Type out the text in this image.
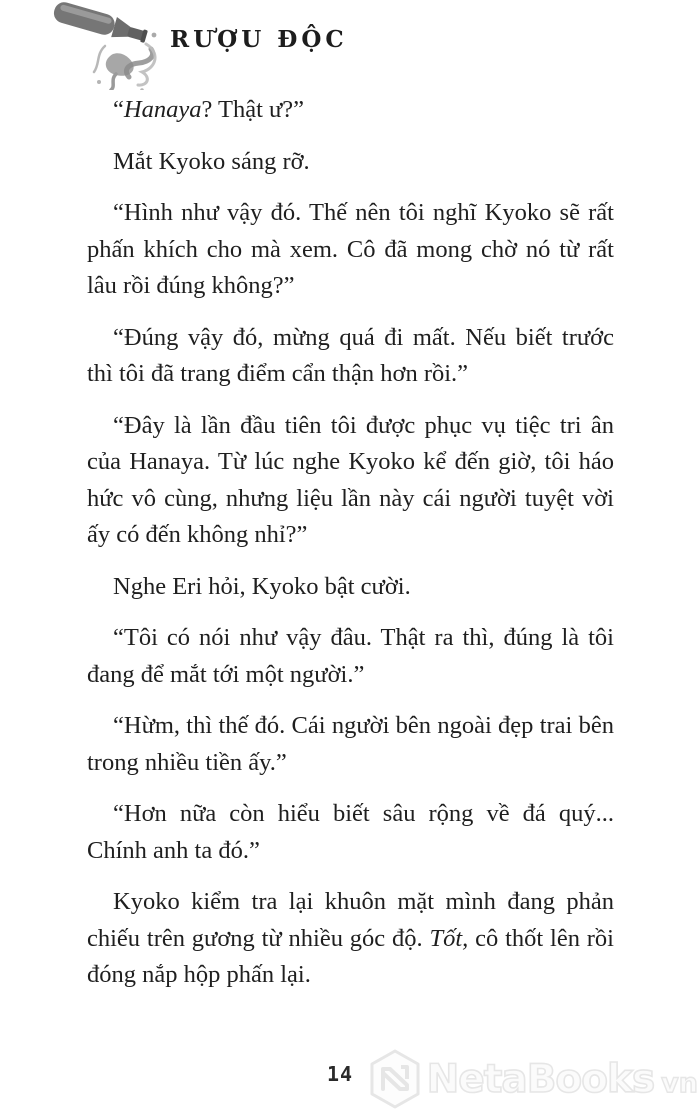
RƯỢU ĐỘC

“Hanaya? Thật ư?”

Mắt Kyoko sáng rỡ.

“Hình như vậy đó. Thế nên tôi nghĩ Kyoko sẽ rất phấn khích cho mà xem. Cô đã mong chờ nó từ rất lâu rồi đúng không?”

“Đúng vậy đó, mừng quá đi mất. Nếu biết trước thì tôi đã trang điểm cẩn thận hơn rồi.”

“Đây là lần đầu tiên tôi được phục vụ tiệc tri ân của Hanaya. Từ lúc nghe Kyoko kể đến giờ, tôi háo hức vô cùng, nhưng liệu lần này cái người tuyệt vời ấy có đến không nhỉ?”

Nghe Eri hỏi, Kyoko bật cười.

“Tôi có nói như vậy đâu. Thật ra thì, đúng là tôi đang để mắt tới một người.”

“Hừm, thì thế đó. Cái người bên ngoài đẹp trai bên trong nhiều tiền ấy.”

“Hơn nữa còn hiểu biết sâu rộng về đá quý... Chính anh ta đó.”

Kyoko kiểm tra lại khuôn mặt mình đang phản chiếu trên gương từ nhiều góc độ. Tốt, cô thốt lên rồi đóng nắp hộp phấn lại.

14 NetaBooks vn
